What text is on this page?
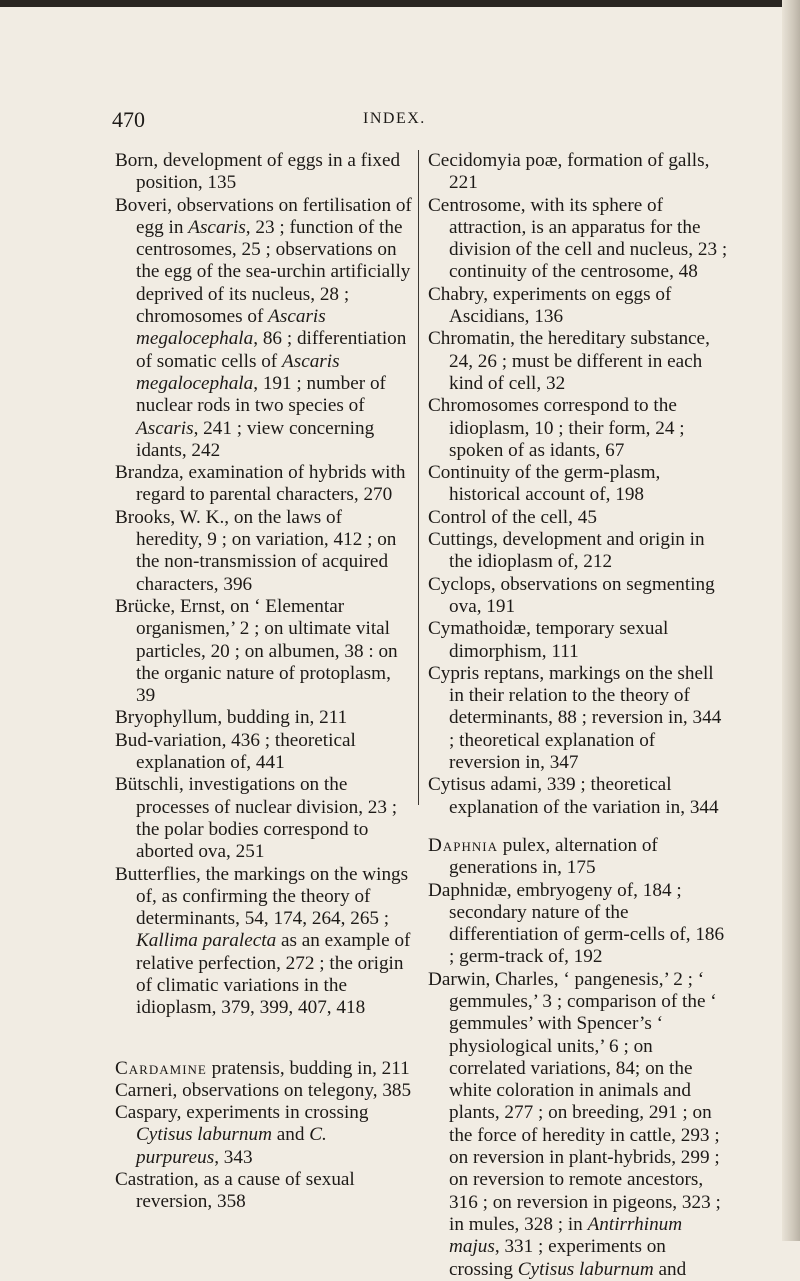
470	INDEX.

Born, development of eggs in a fixed position, 135

Boveri, observations on fertilisation of egg in Ascaris, 23 ; function of the centrosomes, 25 ; observations on the egg of the sea-urchin artificially deprived of its nucleus, 28 ; chromosomes of Ascaris megalocephala, 86 ; differentiation of somatic cells of Ascaris megalocephala, 191 ; number of nuclear rods in two species of Ascaris, 241 ; view concerning idants, 242

Brandza, examination of hybrids with regard to parental characters, 270

Brooks, W. K., on the laws of heredity, 9 ; on variation, 412 ; on the non-transmission of acquired characters, 396

Brücke, Ernst, on ‘ Elementar organismen,’ 2 ; on ultimate vital particles, 20 ; on albumen, 38 : on the organic nature of protoplasm, 39

Bryophyllum, budding in, 211

Bud-variation, 436 ; theoretical explanation of, 441

Bütschli, investigations on the processes of nuclear division, 23 ; the polar bodies correspond to aborted ova, 251

Butterflies, the markings on the wings of, as confirming the theory of determinants, 54, 174, 264, 265 ; Kallima paralecta as an example of relative perfection, 272 ; the origin of climatic variations in the idioplasm, 379, 399, 407, 418

Cardamine pratensis, budding in, 211

Carneri, observations on telegony, 385

Caspary, experiments in crossing Cytisus laburnum and C. purpureus, 343

Castration, as a cause of sexual reversion, 358

Cecidomyia poæ, formation of galls, 221

Centrosome, with its sphere of attraction, is an apparatus for the division of the cell and nucleus, 23 ; continuity of the centrosome, 48

Chabry, experiments on eggs of Ascidians, 136

Chromatin, the hereditary substance, 24, 26 ; must be different in each kind of cell, 32

Chromosomes correspond to the idioplasm, 10 ; their form, 24 ; spoken of as idants, 67

Continuity of the germ-plasm, historical account of, 198

Control of the cell, 45

Cuttings, development and origin in the idioplasm of, 212

Cyclops, observations on segmenting ova, 191

Cymathoidæ, temporary sexual dimorphism, 111

Cypris reptans, markings on the shell in their relation to the theory of determinants, 88 ; reversion in, 344 ; theoretical explanation of reversion in, 347

Cytisus adami, 339 ; theoretical explanation of the variation in, 344

Daphnia pulex, alternation of generations in, 175

Daphnidæ, embryogeny of, 184 ; secondary nature of the differentiation of germ-cells of, 186 ; germ-track of, 192

Darwin, Charles, ‘ pangenesis,’ 2 ; ‘ gemmules,’ 3 ; comparison of the ‘ gemmules’ with Spencer’s ‘ physiological units,’ 6 ; on correlated variations, 84; on the white coloration in animals and plants, 277 ; on breeding, 291 ; on the force of heredity in cattle, 293 ; on reversion in plant-hybrids, 299 ; on reversion to remote ancestors, 316 ; on reversion in pigeons, 323 ; in mules, 328 ; in Antirrhinum majus, 331 ; experiments on crossing Cytisus laburnum and
